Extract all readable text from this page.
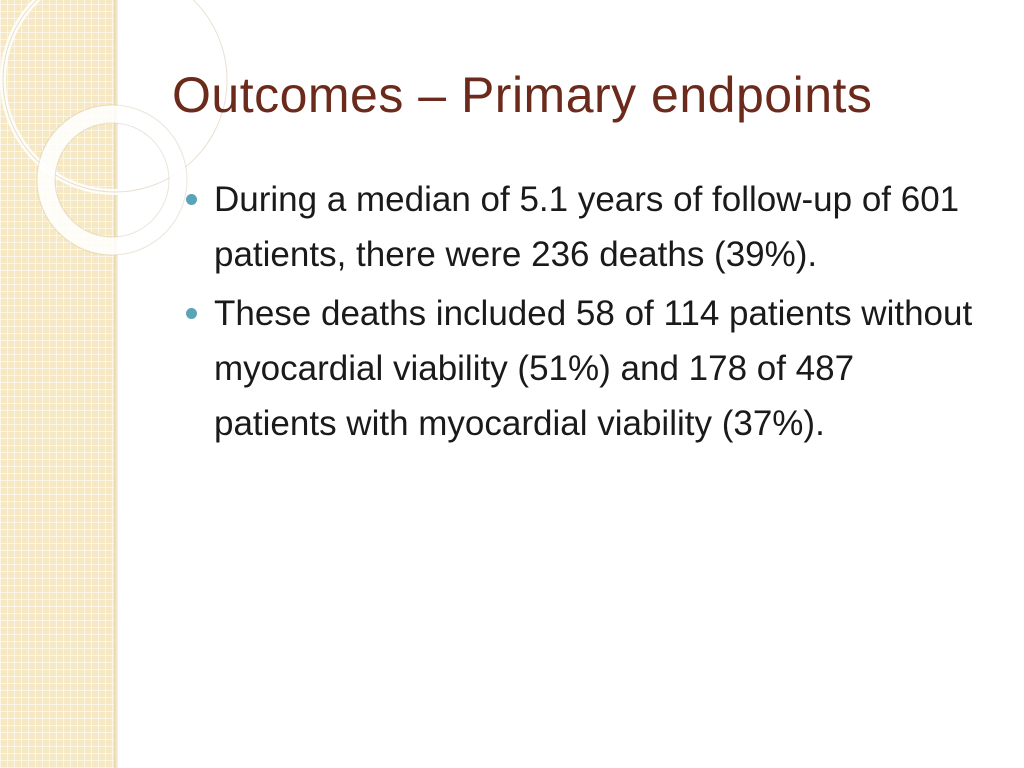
Outcomes – Primary endpoints
During a median of 5.1 years of follow-up of 601 patients, there were 236 deaths (39%).
These deaths included 58 of 114 patients without myocardial viability (51%) and 178 of 487 patients with myocardial viability (37%).
